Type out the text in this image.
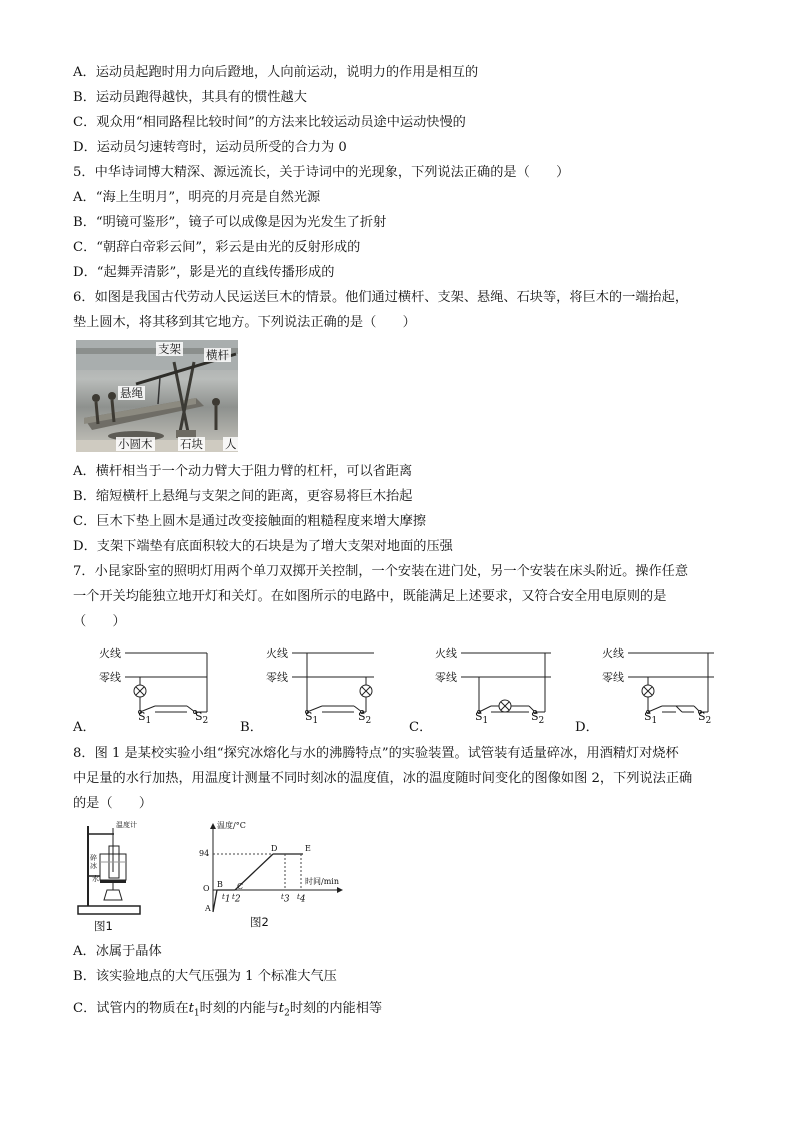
A．运动员起跑时用力向后蹬地，人向前运动，说明力的作用是相互的
B．运动员跑得越快，其具有的惯性越大
C．观众用“相同路程比较时间”的方法来比较运动员途中运动快慢的
D．运动员匀速转弯时，运动员所受的合力为 0
5．中华诗词博大精深、源远流长，关于诗词中的光现象，下列说法正确的是（　　）
A．“海上生明月”，明亮的月亮是自然光源
B．“明镜可鉴形”，镜子可以成像是因为光发生了折射
C．“朝辞白帝彩云间”，彩云是由光的反射形成的
D．“起舞弄清影”，影是光的直线传播形成的
6．如图是我国古代劳动人民运送巨木的情景。他们通过横杆、支架、悬绳、石块等，将巨木的一端抬起，
垫上圆木，将其移到其它地方。下列说法正确的是（　　）
支架 横杆
悬绳
小圆木 石块 人
A．横杆相当于一个动力臂大于阻力臂的杠杆，可以省距离
B．缩短横杆上悬绳与支架之间的距离，更容易将巨木抬起
C．巨木下垫上圆木是通过改变接触面的粗糙程度来增大摩擦
D．支架下端垫有底面积较大的石块是为了增大支架对地面的压强
7．小昆家卧室的照明灯用两个单刀双掷开关控制，一个安装在进门处，另一个安装在床头附近。操作任意
一个开关均能独立地开灯和关灯。在如图所示的电路中，既能满足上述要求，又符合安全用电原则的是
（　　）
火线
零线
$S_1$	$S_2$
A．
火线
零线
$S_1$	$S_2$
B．
火线
零线
$S_1$	$S_2$
C．
火线
零线
$S_1$	$S_2$
D．
8．图 1 是某校实验小组“探究冰熔化与水的沸腾特点”的实验装置。试管装有适量碎冰，用酒精灯对烧杯
中足量的水行加热，用温度计测量不同时刻冰的温度值，冰的温度随时间变化的图像如图 2，下列说法正确
的是（　　）
温度计
碎冰
水
图1
温度/°C
94
时间/min
O
A
B C
D	E
t1 t2	t3 t4
图2
A．冰属于晶体
B．该实验地点的大气压强为 1 个标准大气压
C．试管内的物质在$t_1$时刻的内能与$t_2$时刻的内能相等
